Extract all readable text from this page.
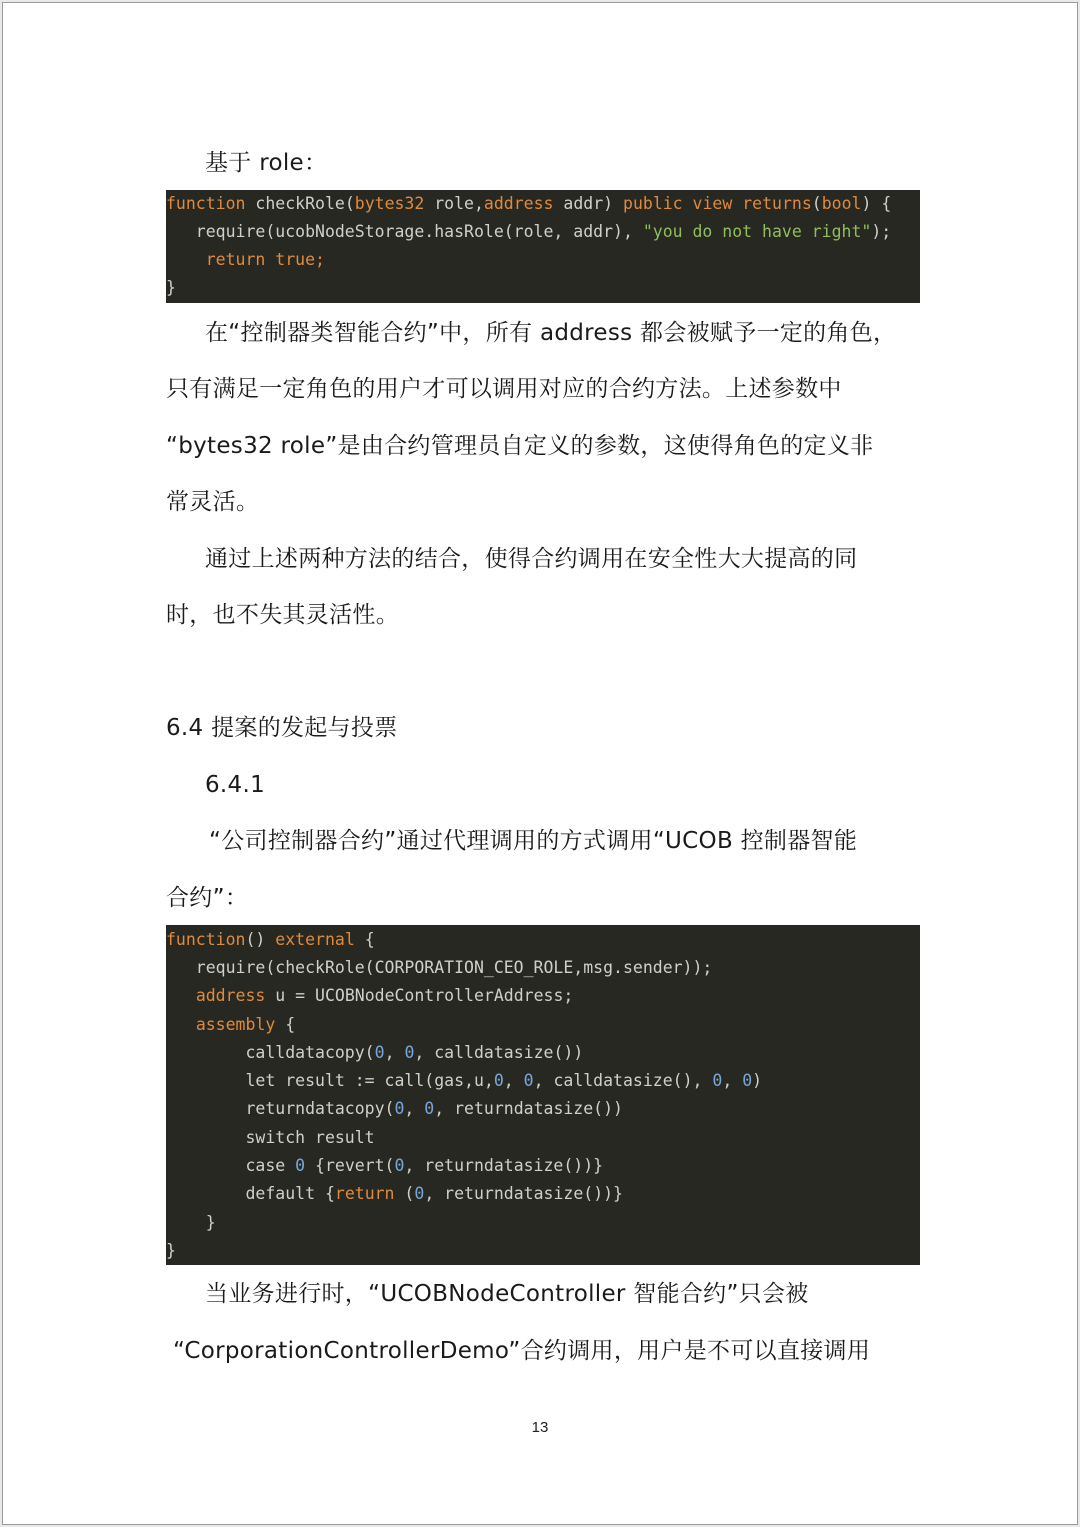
基于 role：
function checkRole(bytes32 role,address addr) public view returns(bool) {
require(ucobNodeStorage.hasRole(role, addr), "you do not have right");
return true;
}
在“控制器类智能合约”中，所有 address 都会被赋予一定的角色，
只有满足一定角色的用户才可以调用对应的合约方法。上述参数中
“bytes32 role”是由合约管理员自定义的参数，这使得角色的定义非
常灵活。
通过上述两种方法的结合，使得合约调用在安全性大大提高的同
时，也不失其灵活性。
6.4 提案的发起与投票
6.4.1
“公司控制器合约”通过代理调用的方式调用“UCOB 控制器智能
合约”：
function() external {
require(checkRole(CORPORATION_CEO_ROLE,msg.sender));
address u = UCOBNodeControllerAddress;
assembly {
calldatacopy(0, 0, calldatasize())
let result := call(gas,u,0, 0, calldatasize(), 0, 0)
returndatacopy(0, 0, returndatasize())
switch result
case 0 {revert(0, returndatasize())}
default {return (0, returndatasize())}
}
}
当业务进行时，“UCOBNodeController 智能合约”只会被
“CorporationControllerDemo”合约调用，用户是不可以直接调用
13
